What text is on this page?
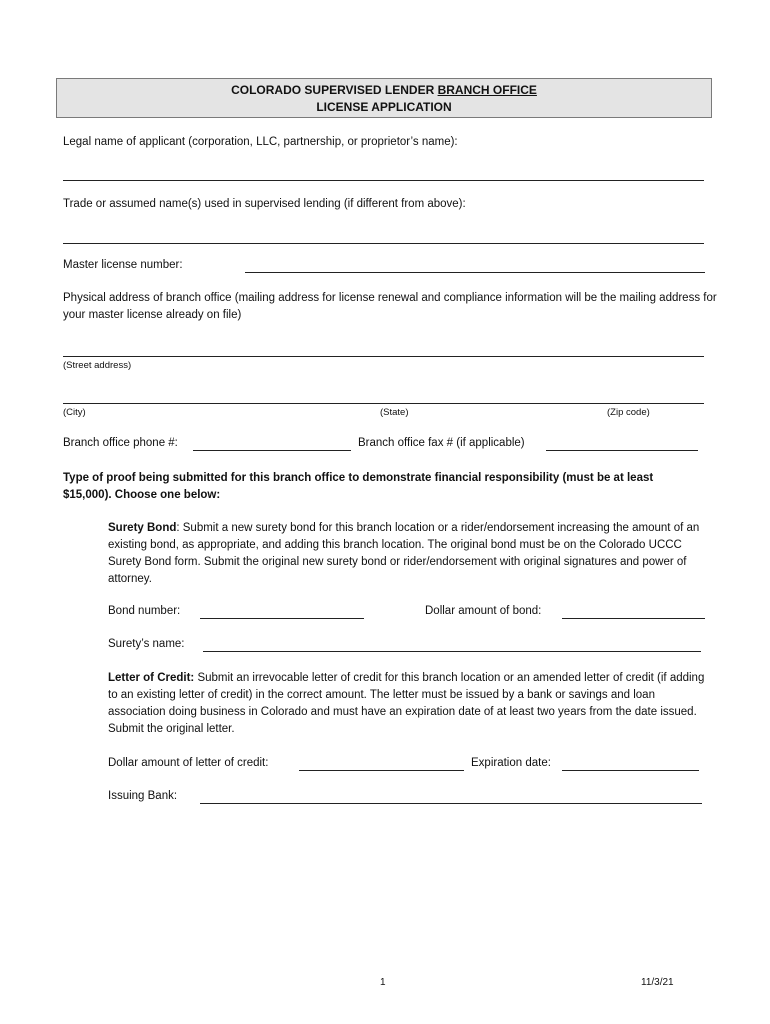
COLORADO SUPERVISED LENDER BRANCH OFFICE
LICENSE APPLICATION
Legal name of applicant (corporation, LLC, partnership, or proprietor’s name):
Trade or assumed name(s) used in supervised lending (if different from above):
Master license number:
Physical address of branch office (mailing address for license renewal and compliance information will be the mailing address for your master license already on file)
(Street address)
(City)	(State)	(Zip code)
Branch office phone #:	Branch office fax # (if applicable)
Type of proof being submitted for this branch office to demonstrate financial responsibility (must be at least $15,000). Choose one below:
Surety Bond: Submit a new surety bond for this branch location or a rider/endorsement increasing the amount of an existing bond, as appropriate, and adding this branch location. The original bond must be on the Colorado UCCC Surety Bond form. Submit the original new surety bond or rider/endorsement with original signatures and power of attorney.
Bond number:	Dollar amount of bond:
Surety’s name:
Letter of Credit: Submit an irrevocable letter of credit for this branch location or an amended letter of credit (if adding to an existing letter of credit) in the correct amount. The letter must be issued by a bank or savings and loan association doing business in Colorado and must have an expiration date of at least two years from the date issued. Submit the original letter.
Dollar amount of letter of credit:	Expiration date:
Issuing Bank:
1	11/3/21
